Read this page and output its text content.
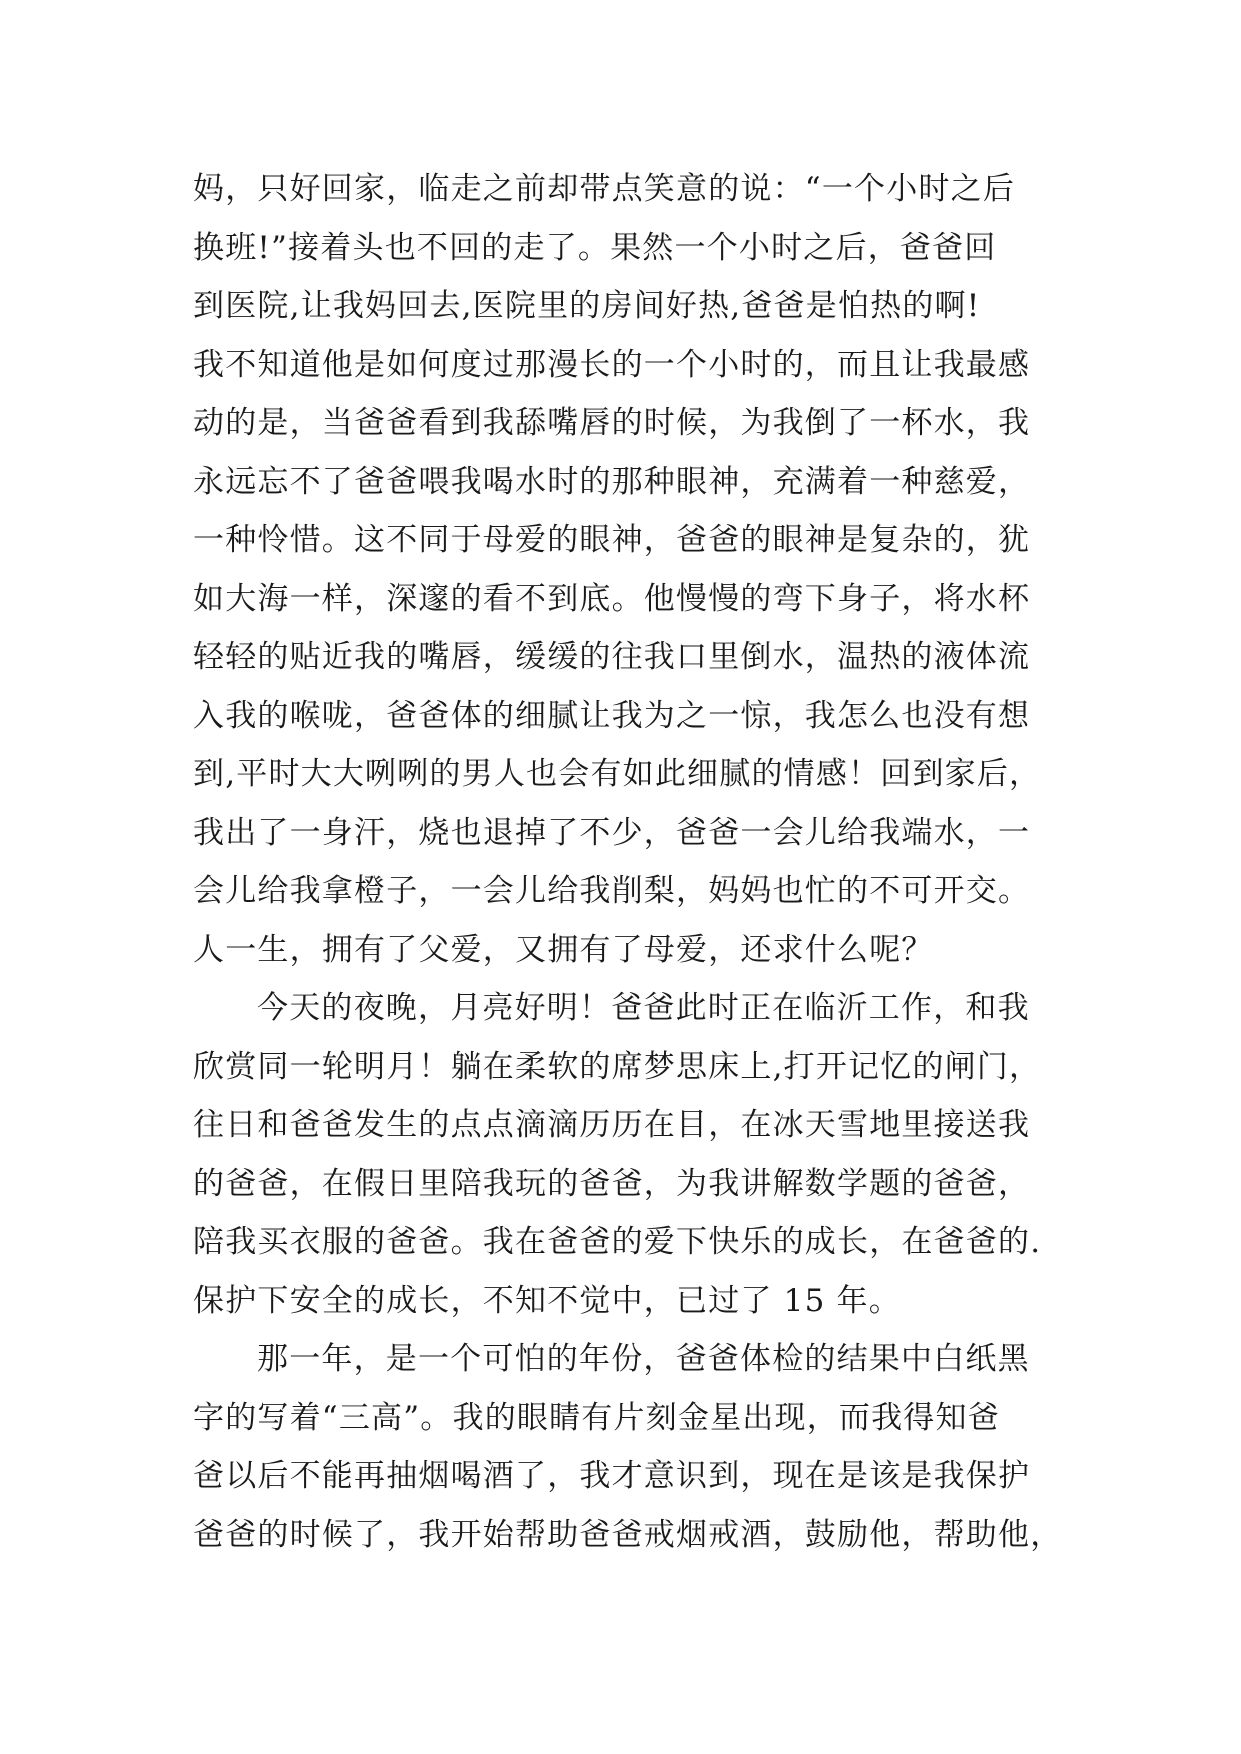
妈，只好回家，临走之前却带点笑意的说：“一个小时之后
换班!”接着头也不回的走了。果然一个小时之后，爸爸回
到医院,让我妈回去,医院里的房间好热,爸爸是怕热的啊!
我不知道他是如何度过那漫长的一个小时的，而且让我最感
动的是，当爸爸看到我舔嘴唇的时候，为我倒了一杯水，我
永远忘不了爸爸喂我喝水时的那种眼神，充满着一种慈爱，
一种怜惜。这不同于母爱的眼神，爸爸的眼神是复杂的，犹
如大海一样，深邃的看不到底。他慢慢的弯下身子，将水杯
轻轻的贴近我的嘴唇，缓缓的往我口里倒水，温热的液体流
入我的喉咙，爸爸体的细腻让我为之一惊，我怎么也没有想
到,平时大大咧咧的男人也会有如此细腻的情感！回到家后，
我出了一身汗，烧也退掉了不少，爸爸一会儿给我端水，一
会儿给我拿橙子，一会儿给我削梨，妈妈也忙的不可开交。
人一生，拥有了父爱，又拥有了母爱，还求什么呢？
今天的夜晚，月亮好明！爸爸此时正在临沂工作，和我
欣赏同一轮明月！躺在柔软的席梦思床上,打开记忆的闸门，
往日和爸爸发生的点点滴滴历历在目，在冰天雪地里接送我
的爸爸，在假日里陪我玩的爸爸，为我讲解数学题的爸爸，
陪我买衣服的爸爸。我在爸爸的爱下快乐的成长，在爸爸的.
保护下安全的成长，不知不觉中，已过了 15 年。
那一年，是一个可怕的年份，爸爸体检的结果中白纸黑
字的写着“三高”。我的眼睛有片刻金星出现，而我得知爸
爸以后不能再抽烟喝酒了，我才意识到，现在是该是我保护
爸爸的时候了，我开始帮助爸爸戒烟戒酒，鼓励他，帮助他，
